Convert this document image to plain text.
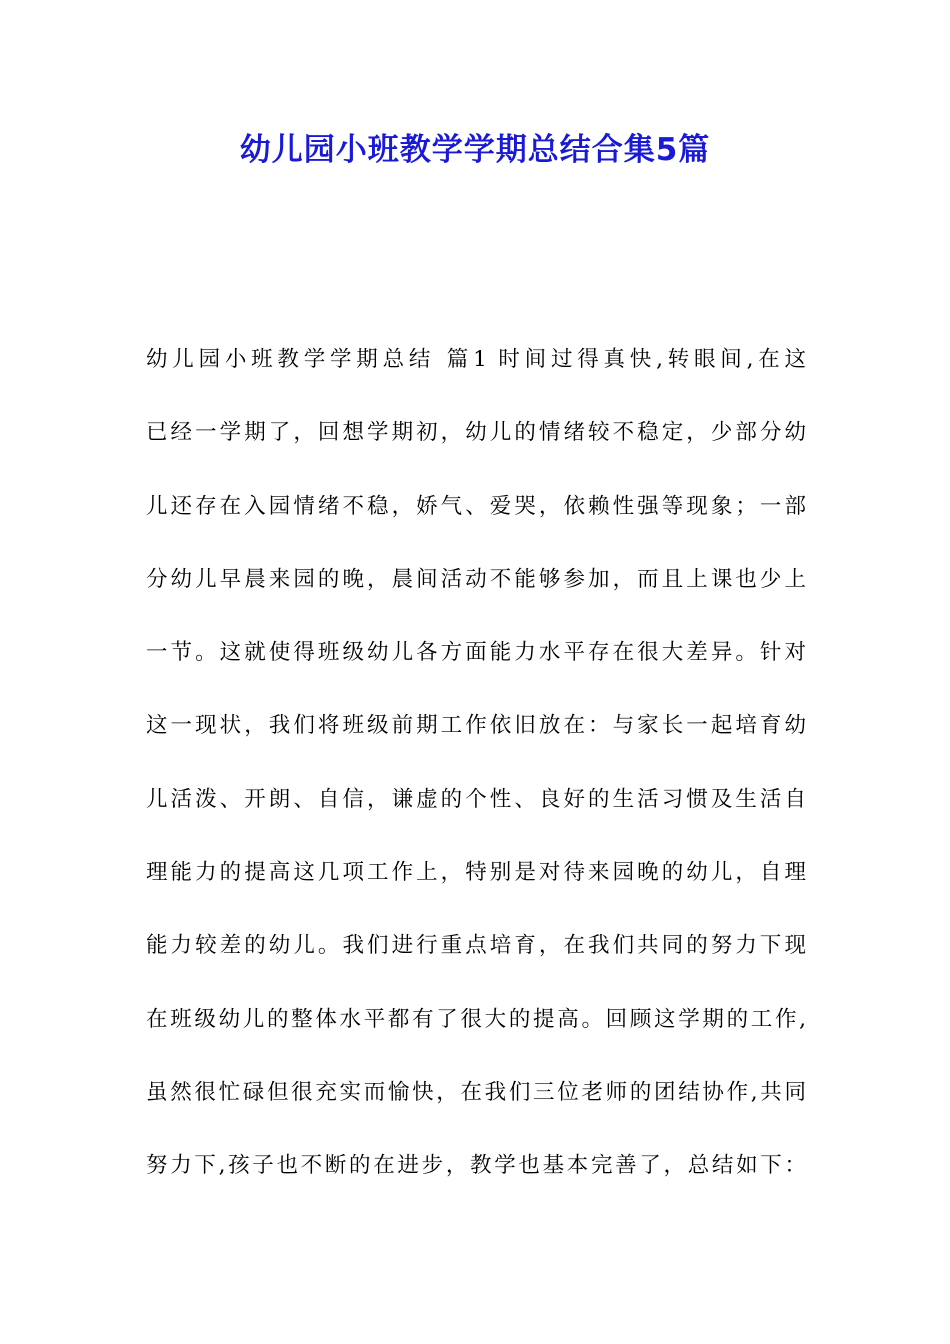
幼儿园小班教学学期总结合集5篇
幼儿园小班教学学期总结 篇1 时间过得真快,转眼间,在这
已经一学期了，回想学期初，幼儿的情绪较不稳定，少部分幼
儿还存在入园情绪不稳，娇气、爱哭，依赖性强等现象；一部
分幼儿早晨来园的晚，晨间活动不能够参加，而且上课也少上
一节。这就使得班级幼儿各方面能力水平存在很大差异。针对
这一现状，我们将班级前期工作依旧放在：与家长一起培育幼
儿活泼、开朗、自信，谦虚的个性、良好的生活习惯及生活自
理能力的提高这几项工作上，特别是对待来园晚的幼儿，自理
能力较差的幼儿。我们进行重点培育，在我们共同的努力下现
在班级幼儿的整体水平都有了很大的提高。回顾这学期的工作,
虽然很忙碌但很充实而愉快，在我们三位老师的团结协作,共同
努力下,孩子也不断的在进步，教学也基本完善了，总结如下：
